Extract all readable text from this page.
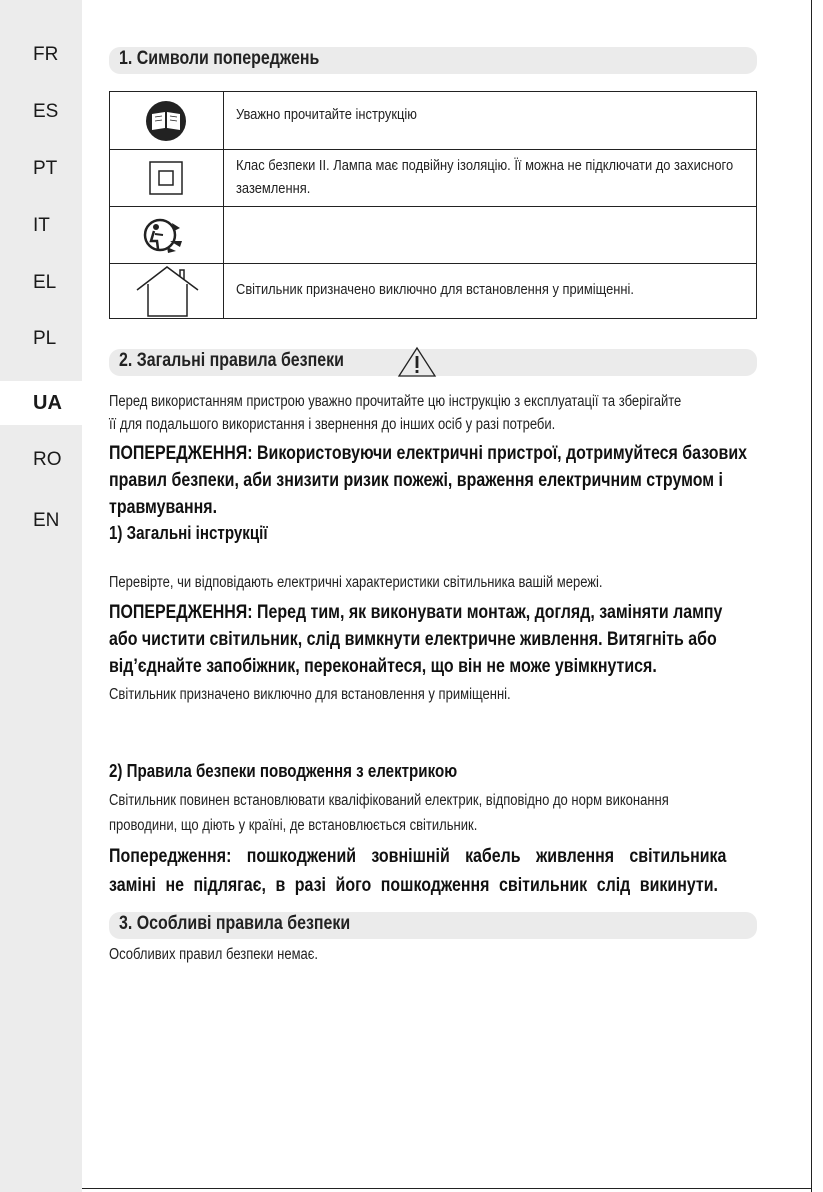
FR
ES
PT
IT
EL
PL
UA
RO
EN
1. Символи попереджень
Уважно прочитайте інструкцію
Клас безпеки ІІ. Лампа має подвійну ізоляцію. Її можна не підключати до захисного заземлення.
Світильник призначено виключно для встановлення у приміщенні.
2. Загальні правила безпеки
Перед використанням пристрою уважно прочитайте цю інструкцію з експлуатації та зберігайте
її для подальшого використання і звернення до інших осіб у разі потреби.
ПОПЕРЕДЖЕННЯ: Використовуючи електричні пристрої, дотримуйтеся базових правил безпеки, аби знизити ризик пожежі, враження електричним струмом і травмування.
1) Загальні інструкції
Перевірте, чи відповідають електричні характеристики світильника вашій мережі.
ПОПЕРЕДЖЕННЯ: Перед тим, як виконувати монтаж, догляд, заміняти лампу або чистити світильник, слід вимкнути електричне живлення. Витягніть або від’єднайте запобіжник, переконайтеся, що він не може увімкнутися.
Світильник призначено виключно для встановлення у приміщенні.
2) Правила безпеки поводження з електрикою
Світильник повинен встановлювати кваліфікований електрик, відповідно до норм виконання
проводини, що діють у країні, де встановлюється світильник.
Попередження: пошкоджений зовнішній кабель живлення світильника
заміні не підлягає, в разі його пошкодження світильник слід викинути.
3. Особливі правила безпеки
Особливих правил безпеки немає.
